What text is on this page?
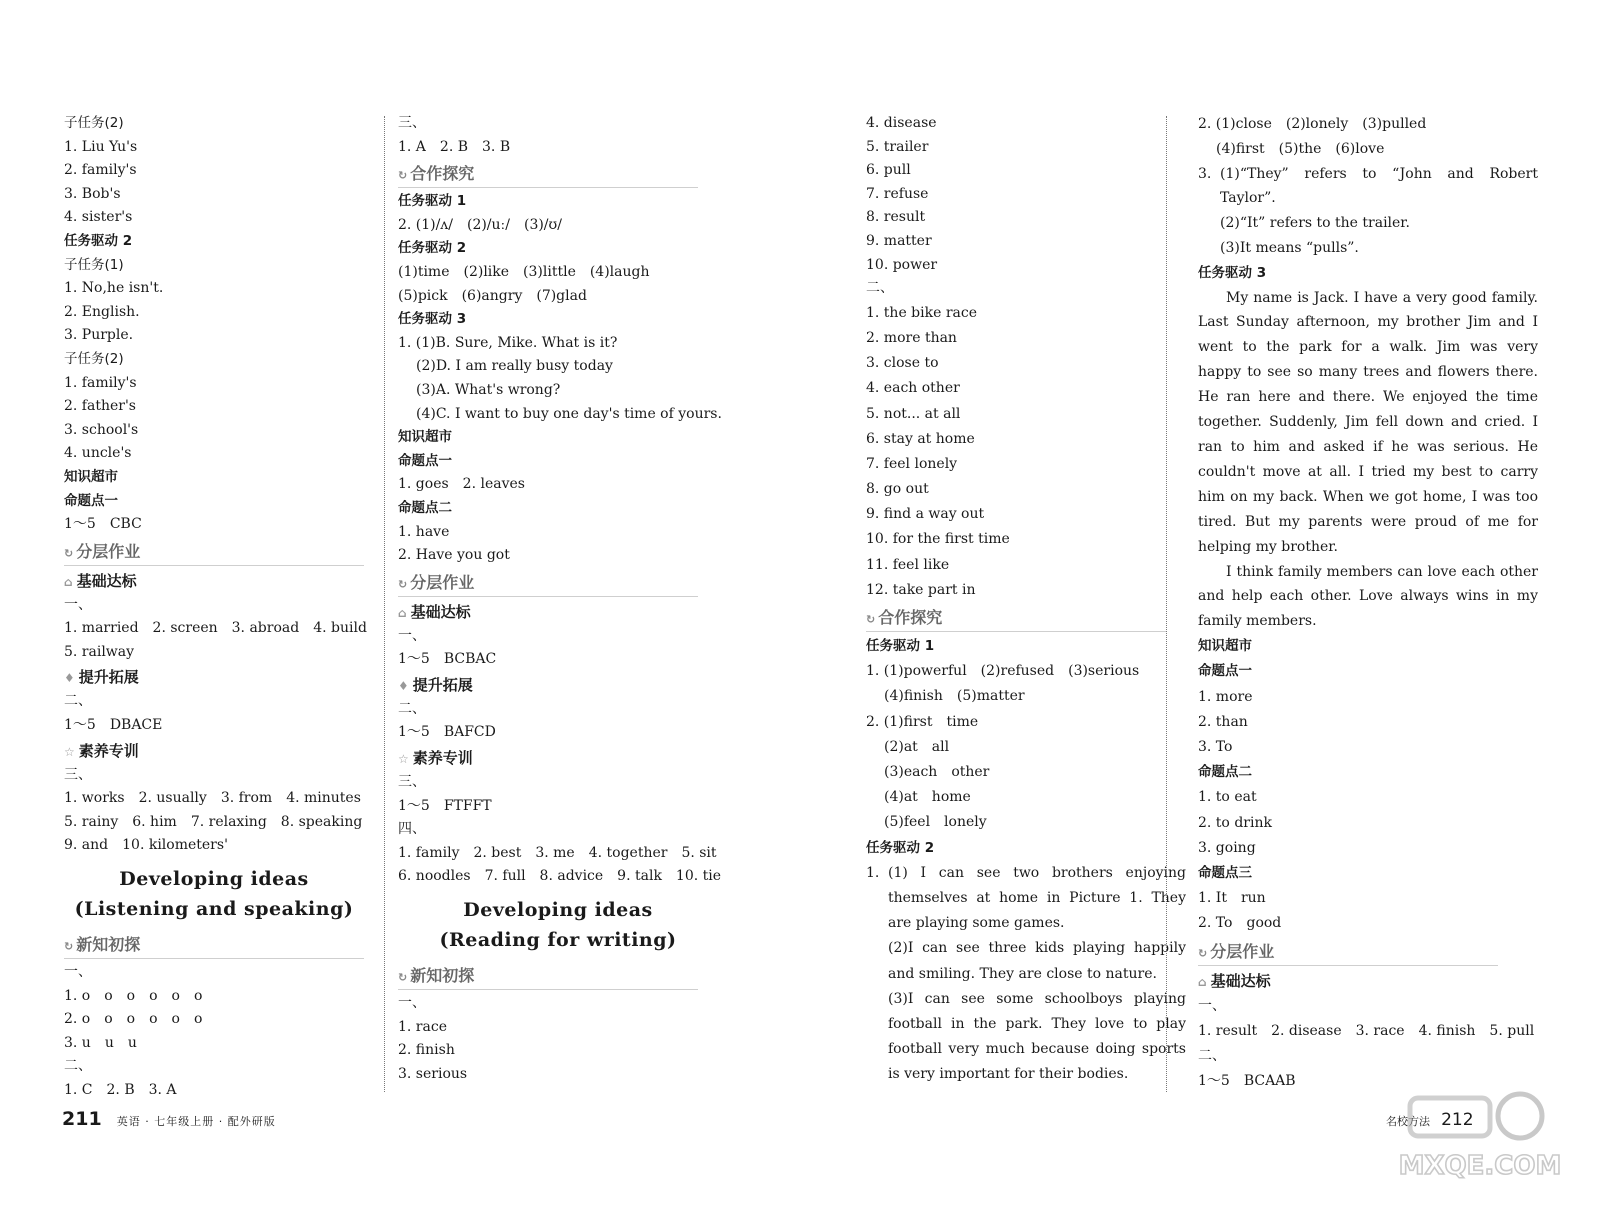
子任务(2)
1. Liu Yu's
2. family's
3. Bob's
4. sister's
任务驱动 2
子任务(1)
1. No,he isn't.
2. English.
3. Purple.
子任务(2)
1. family's
2. father's
3. school's
4. uncle's
知识超市
命题点一
1～5　CBC
↻ 分层作业
⌂ 基础达标
一、
1. married　2. screen　3. abroad　4. build
5. railway
♦ 提升拓展
二、
1～5　DBACE
☆ 素养专训
三、
1. works　2. usually　3. from　4. minutes
5. rainy　6. him　7. relaxing　8. speaking
9. and　10. kilometers'
Developing ideas
(Listening and speaking)
↻ 新知初探
一、
1. o　o　o　o　o　o
2. o　o　o　o　o　o
3. u　u　u
二、
1. C　2. B　3. A
三、
1. A　2. B　3. B
↻ 合作探究
任务驱动 1
2. (1)/ʌ/　(2)/uː/　(3)/ʊ/
任务驱动 2
(1)time　(2)like　(3)little　(4)laugh
(5)pick　(6)angry　(7)glad
任务驱动 3
1. (1)B. Sure, Mike. What is it?
(2)D. I am really busy today
(3)A. What's wrong?
(4)C. I want to buy one day's time of yours.
知识超市
命题点一
1. goes　2. leaves
命题点二
1. have
2. Have you got
↻ 分层作业
⌂ 基础达标
一、
1～5　BCBAC
♦ 提升拓展
二、
1～5　BAFCD
☆ 素养专训
三、
1～5　FTFFT
四、
1. family　2. best　3. me　4. together　5. sit
6. noodles　7. full　8. advice　9. talk　10. tie
Developing ideas
(Reading for writing)
↻ 新知初探
一、
1. race
2. finish
3. serious
4. disease
5. trailer
6. pull
7. refuse
8. result
9. matter
10. power
二、
1. the bike race
2. more than
3. close to
4. each other
5. not... at all
6. stay at home
7. feel lonely
8. go out
9. find a way out
10. for the first time
11. feel like
12. take part in
↻ 合作探究
任务驱动 1
1. (1)powerful　(2)refused　(3)serious
(4)finish　(5)matter
2. (1)first　time
(2)at　all
(3)each　other
(4)at　home
(5)feel　lonely
任务驱动 2
1. (1) I can see two brothers enjoying themselves at home in Picture 1. They are playing some games.
(2)I can see three kids playing happily and smiling. They are close to nature.
(3)I can see some schoolboys playing football in the park. They love to play football very much because doing sports is very important for their bodies.
2. (1)close　(2)lonely　(3)pulled
(4)first　(5)the　(6)love
3. (1)“They” refers to “John and Robert Taylor”.
(2)“It” refers to the trailer.
(3)It means “pulls”.
任务驱动 3
My name is Jack. I have a very good family. Last Sunday afternoon, my brother Jim and I went to the park for a walk. Jim was very happy to see so many trees and flowers there. He ran here and there. We enjoyed the time together. Suddenly, Jim fell down and cried. I ran to him and asked if he was serious. He couldn't move at all. I tried my best to carry him on my back. When we got home, I was too tired. But my parents were proud of me for helping my brother.
I think family members can love each other and help each other. Love always wins in my family members.
知识超市
命题点一
1. more
2. than
3. To
命题点二
1. to eat
2. to drink
3. going
命题点三
1. It　run
2. To　good
↻ 分层作业
⌂ 基础达标
一、
1. result　2. disease　3. race　4. finish　5. pull
二、
1～5　BCAAB
211 英语 · 七年级上册 · 配外研版	名校方法 212
MXQE.COM
